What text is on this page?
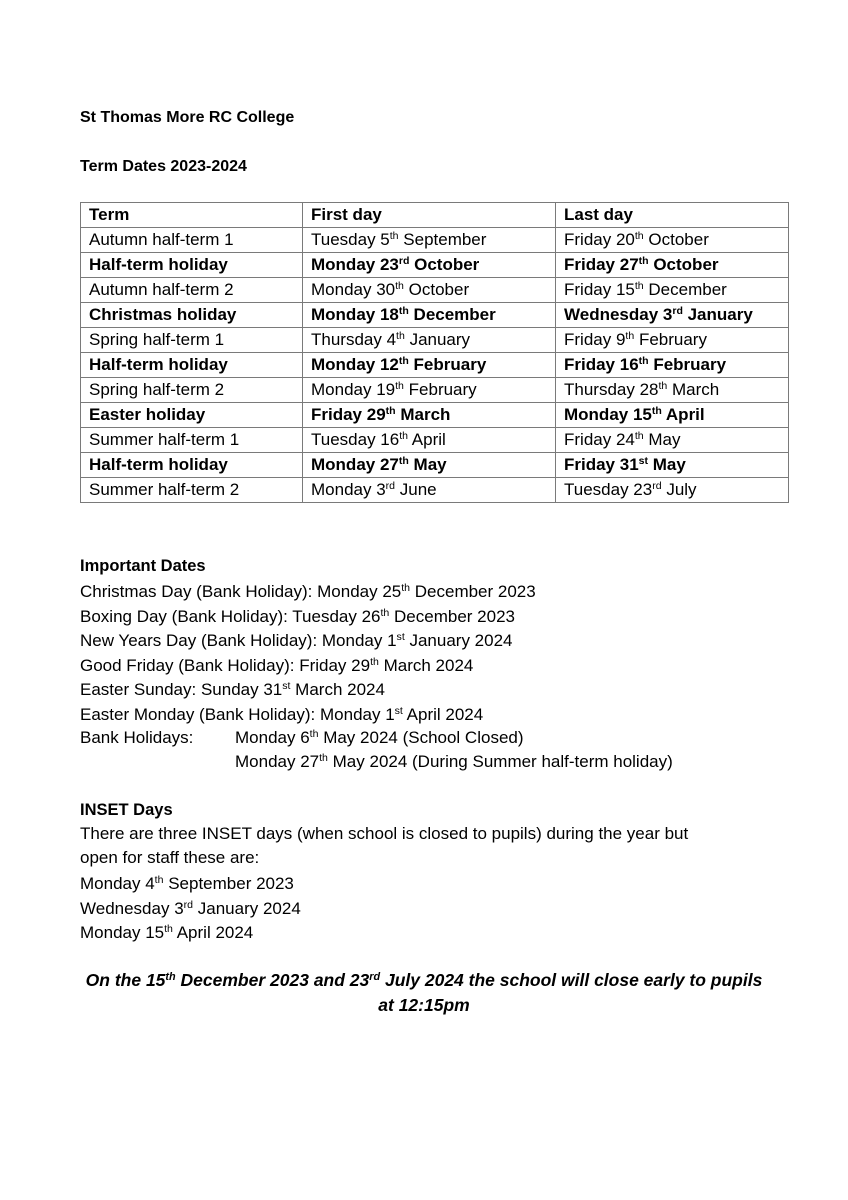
St Thomas More RC College
Term Dates 2023-2024
Term	First day	Last day
Autumn half-term 1	Tuesday 5th September	Friday 20th October
Half-term holiday	Monday 23rd October	Friday 27th October
Autumn half-term 2	Monday 30th October	Friday 15th December
Christmas holiday	Monday 18th December	Wednesday 3rd January
Spring half-term 1	Thursday 4th January	Friday 9th February
Half-term holiday	Monday 12th February	Friday 16th February
Spring half-term 2	Monday 19th February	Thursday 28th March
Easter holiday	Friday 29th March	Monday 15th April
Summer half-term 1	Tuesday 16th April	Friday 24th May
Half-term holiday	Monday 27th May	Friday 31st May
Summer half-term 2	Monday 3rd June	Tuesday 23rd July
Important Dates
Christmas Day (Bank Holiday): Monday 25th December 2023
Boxing Day (Bank Holiday): Tuesday 26th December 2023
New Years Day (Bank Holiday): Monday 1st January 2024
Good Friday (Bank Holiday): Friday 29th March 2024
Easter Sunday: Sunday 31st March 2024
Easter Monday (Bank Holiday): Monday 1st April 2024
Bank Holidays: Monday 6th May 2024 (School Closed)
Monday 27th May 2024 (During Summer half-term holiday)
INSET Days
There are three INSET days (when school is closed to pupils) during the year but
open for staff these are:
Monday 4th September 2023
Wednesday 3rd January 2024
Monday 15th April 2024
On the 15th December 2023 and 23rd July 2024 the school will close early to pupils
at 12:15pm
